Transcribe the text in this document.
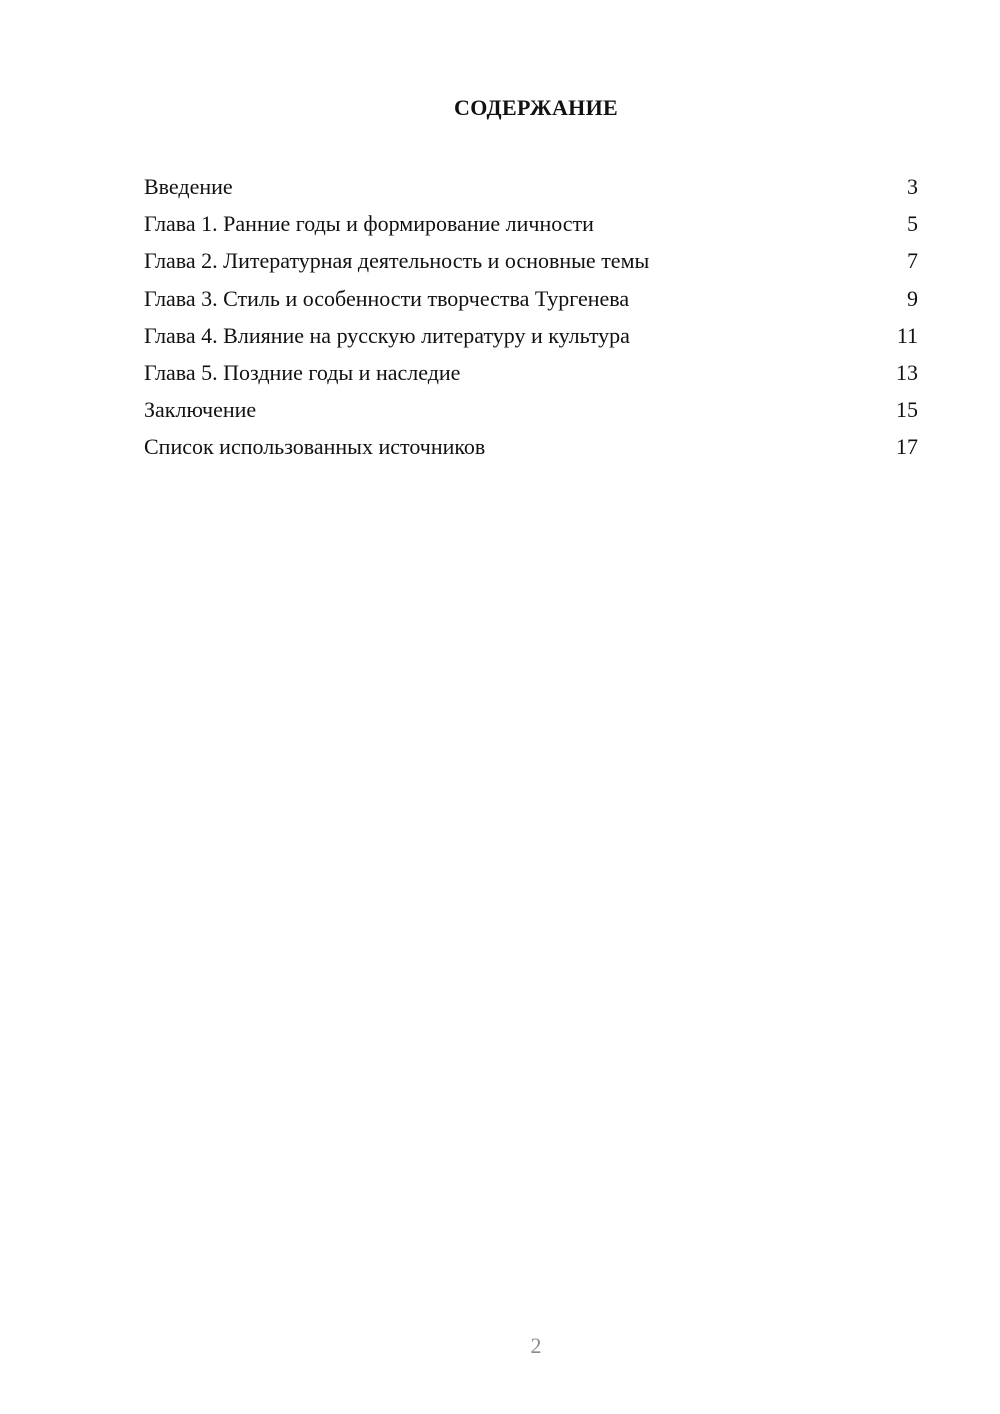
СОДЕРЖАНИЕ
Введение	3
Глава 1. Ранние годы и формирование личности	5
Глава 2. Литературная деятельность и основные темы	7
Глава 3. Стиль и особенности творчества Тургенева	9
Глава 4. Влияние на русскую литературу и культура	11
Глава 5. Поздние годы и наследие	13
Заключение	15
Список использованных источников	17
2
